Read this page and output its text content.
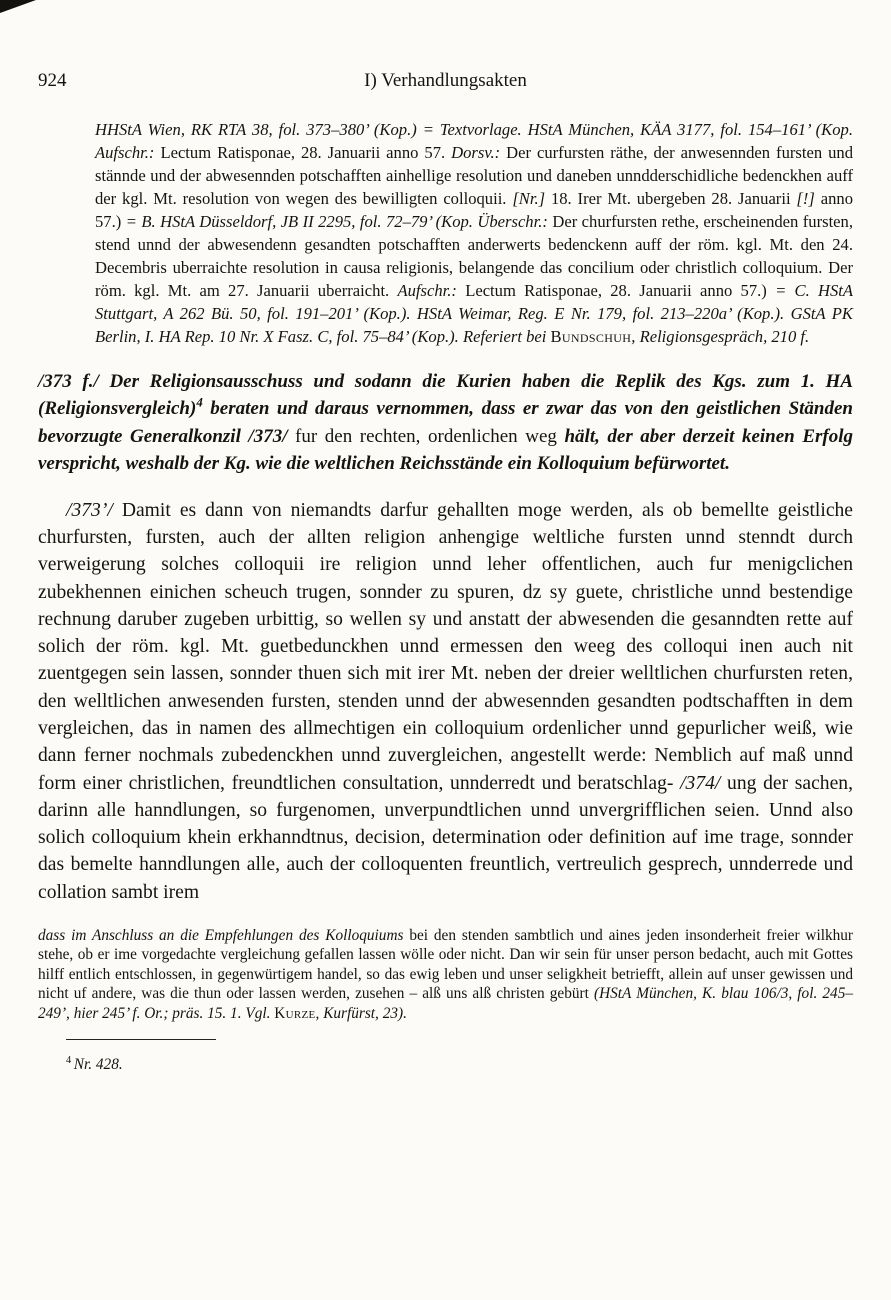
924	I) Verhandlungsakten

HHStA Wien, RK RTA 38, fol. 373–380’ (Kop.) = Textvorlage. HStA München, KÄA 3177, fol. 154–161’ (Kop. Aufschr.: Lectum Ratisponae, 28. Januarii anno 57. Dorsv.: Der curfursten räthe, der anwesennden fursten und stännde und der abwesennden potschafften ainhellige resolution und daneben unndderschidliche bedenckhen auff der kgl. Mt. resolution von wegen des bewilligten colloquii. [Nr.] 18. Irer Mt. ubergeben 28. Januarii [!] anno 57.) = B. HStA Düsseldorf, JB II 2295, fol. 72–79’ (Kop. Überschr.: Der churfursten rethe, erscheinenden fursten, stend unnd der abwesendenn gesandten potschafften anderwerts bedenckenn auff der röm. kgl. Mt. den 24. Decembris uberraichte resolution in causa religionis, belangende das concilium oder christlich colloquium. Der röm. kgl. Mt. am 27. Januarii uberraicht. Aufschr.: Lectum Ratisponae, 28. Januarii anno 57.) = C. HStA Stuttgart, A 262 Bü. 50, fol. 191–201’ (Kop.). HStA Weimar, Reg. E Nr. 179, fol. 213–220a’ (Kop.). GStA PK Berlin, I. HA Rep. 10 Nr. X Fasz. C, fol. 75–84’ (Kop.). Referiert bei Bundschuh, Religionsgespräch, 210 f.

/373 f./ Der Religionsausschuss und sodann die Kurien haben die Replik des Kgs. zum 1. HA (Religionsvergleich)$^4$ beraten und daraus vernommen, dass er zwar das von den geistlichen Ständen bevorzugte Generalkonzil /373/ fur den rechten, ordenlichen weg hält, der aber derzeit keinen Erfolg verspricht, weshalb der Kg. wie die weltlichen Reichsstände ein Kolloquium befürwortet.

/373’/ Damit es dann von niemandts darfur gehallten moge werden, als ob bemellte geistliche churfursten, fursten, auch der allten religion anhengige weltliche fursten unnd stenndt durch verweigerung solches colloquii ire religion unnd leher offentlichen, auch fur menigclichen zubekhennen einichen scheuch trugen, sonnder zu spuren, dz sy guete, christliche unnd bestendige rechnung daruber zugeben urbittig, so wellen sy und anstatt der abwesenden die gesanndten rette auf solich der röm. kgl. Mt. guetbedunckhen unnd ermessen den weeg des colloqui inen auch nit zuentgegen sein lassen, sonnder thuen sich mit irer Mt. neben der dreier welltlichen churfursten reten, den welltlichen anwesenden fursten, stenden unnd der abwesennden gesandten podtschafften in dem vergleichen, das in namen des allmechtigen ein colloquium ordenlicher unnd gepurlicher weiß, wie dann ferner nochmals zubedenckhen unnd zuvergleichen, angestellt werde: Nemblich auf maß unnd form einer christlichen, freundtlichen consultation, unnderredt und beratschlag- /374/ ung der sachen, darinn alle hanndlungen, so furgenomen, unverpundtlichen unnd unvergrifflichen seien. Unnd also solich colloquium khein erkhanndtnus, decision, determination oder definition auf ime trage, sonnder das bemelte hanndlungen alle, auch der colloquenten freuntlich, vertreulich gesprech, unnderrede und collation sambt irem

dass im Anschluss an die Empfehlungen des Kolloquiums bei den stenden sambtlich und aines jeden insonderheit freier wilkhur stehe, ob er ime vorgedachte vergleichung gefallen lassen wölle oder nicht. Dan wir sein für unser person bedacht, auch mit Gottes hilff entlich entschlossen, in gegenwürtigem handel, so das ewig leben und unser seligkheit betriefft, allein auf unser gewissen und nicht uf andere, was die thun oder lassen werden, zusehen – alß uns alß christen gebürt (HStA München, K. blau 106/3, fol. 245–249’, hier 245’ f. Or.; präs. 15. 1. Vgl. Kurze, Kurfürst, 23).

$^4$ Nr. 428.
